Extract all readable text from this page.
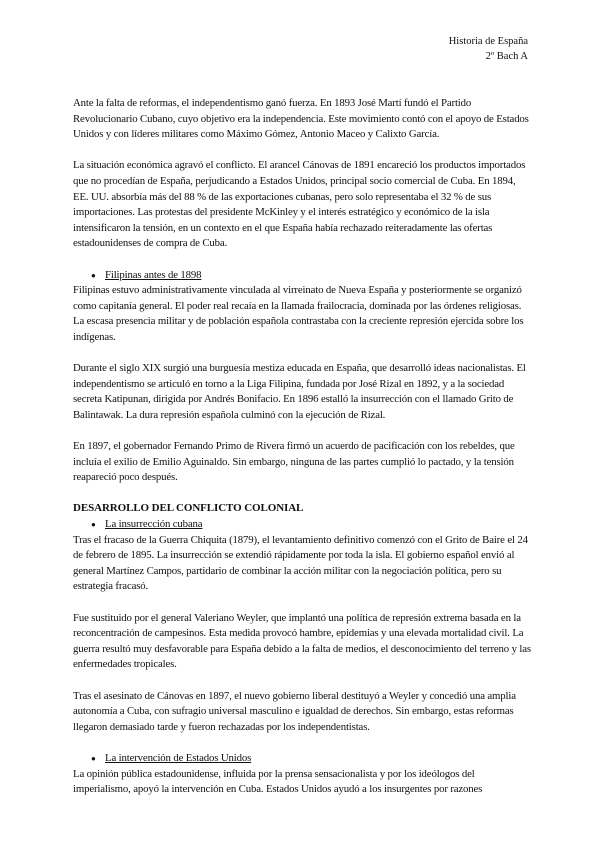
Historia de España
2º Bach A

Ante la falta de reformas, el independentismo ganó fuerza. En 1893 José Martí fundó el Partido Revolucionario Cubano, cuyo objetivo era la independencia. Este movimiento contó con el apoyo de Estados Unidos y con líderes militares como Máximo Gómez, Antonio Maceo y Calixto García.

La situación económica agravó el conflicto. El arancel Cánovas de 1891 encareció los productos importados que no procedían de España, perjudicando a Estados Unidos, principal socio comercial de Cuba. En 1894, EE. UU. absorbía más del 88 % de las exportaciones cubanas, pero solo representaba el 32 % de sus importaciones. Las protestas del presidente McKinley y el interés estratégico y económico de la isla intensificaron la tensión, en un contexto en el que España había rechazado reiteradamente las ofertas estadounidenses de compra de Cuba.

● Filipinas antes de 1898

Filipinas estuvo administrativamente vinculada al virreinato de Nueva España y posteriormente se organizó como capitanía general. El poder real recaía en la llamada frailocracia, dominada por las órdenes religiosas. La escasa presencia militar y de población española contrastaba con la creciente represión ejercida sobre los indígenas.

Durante el siglo XIX surgió una burguesía mestiza educada en España, que desarrolló ideas nacionalistas. El independentismo se articuló en torno a la Liga Filipina, fundada por José Rizal en 1892, y a la sociedad secreta Katipunan, dirigida por Andrés Bonifacio. En 1896 estalló la insurrección con el llamado Grito de Balintawak. La dura represión española culminó con la ejecución de Rizal.

En 1897, el gobernador Fernando Primo de Rivera firmó un acuerdo de pacificación con los rebeldes, que incluía el exilio de Emilio Aguinaldo. Sin embargo, ninguna de las partes cumplió lo pactado, y la tensión reapareció poco después.

DESARROLLO DEL CONFLICTO COLONIAL
● La insurrección cubana

Tras el fracaso de la Guerra Chiquita (1879), el levantamiento definitivo comenzó con el Grito de Baire el 24 de febrero de 1895. La insurrección se extendió rápidamente por toda la isla. El gobierno español envió al general Martínez Campos, partidario de combinar la acción militar con la negociación política, pero su estrategia fracasó.

Fue sustituido por el general Valeriano Weyler, que implantó una política de represión extrema basada en la reconcentración de campesinos. Esta medida provocó hambre, epidemias y una elevada mortalidad civil. La guerra resultó muy desfavorable para España debido a la falta de medios, el desconocimiento del terreno y las enfermedades tropicales.

Tras el asesinato de Cánovas en 1897, el nuevo gobierno liberal destituyó a Weyler y concedió una amplia autonomía a Cuba, con sufragio universal masculino e igualdad de derechos. Sin embargo, estas reformas llegaron demasiado tarde y fueron rechazadas por los independentistas.

● La intervención de Estados Unidos

La opinión pública estadounidense, influida por la prensa sensacionalista y por los ideólogos del imperialismo, apoyó la intervención en Cuba. Estados Unidos ayudó a los insurgentes por razones
